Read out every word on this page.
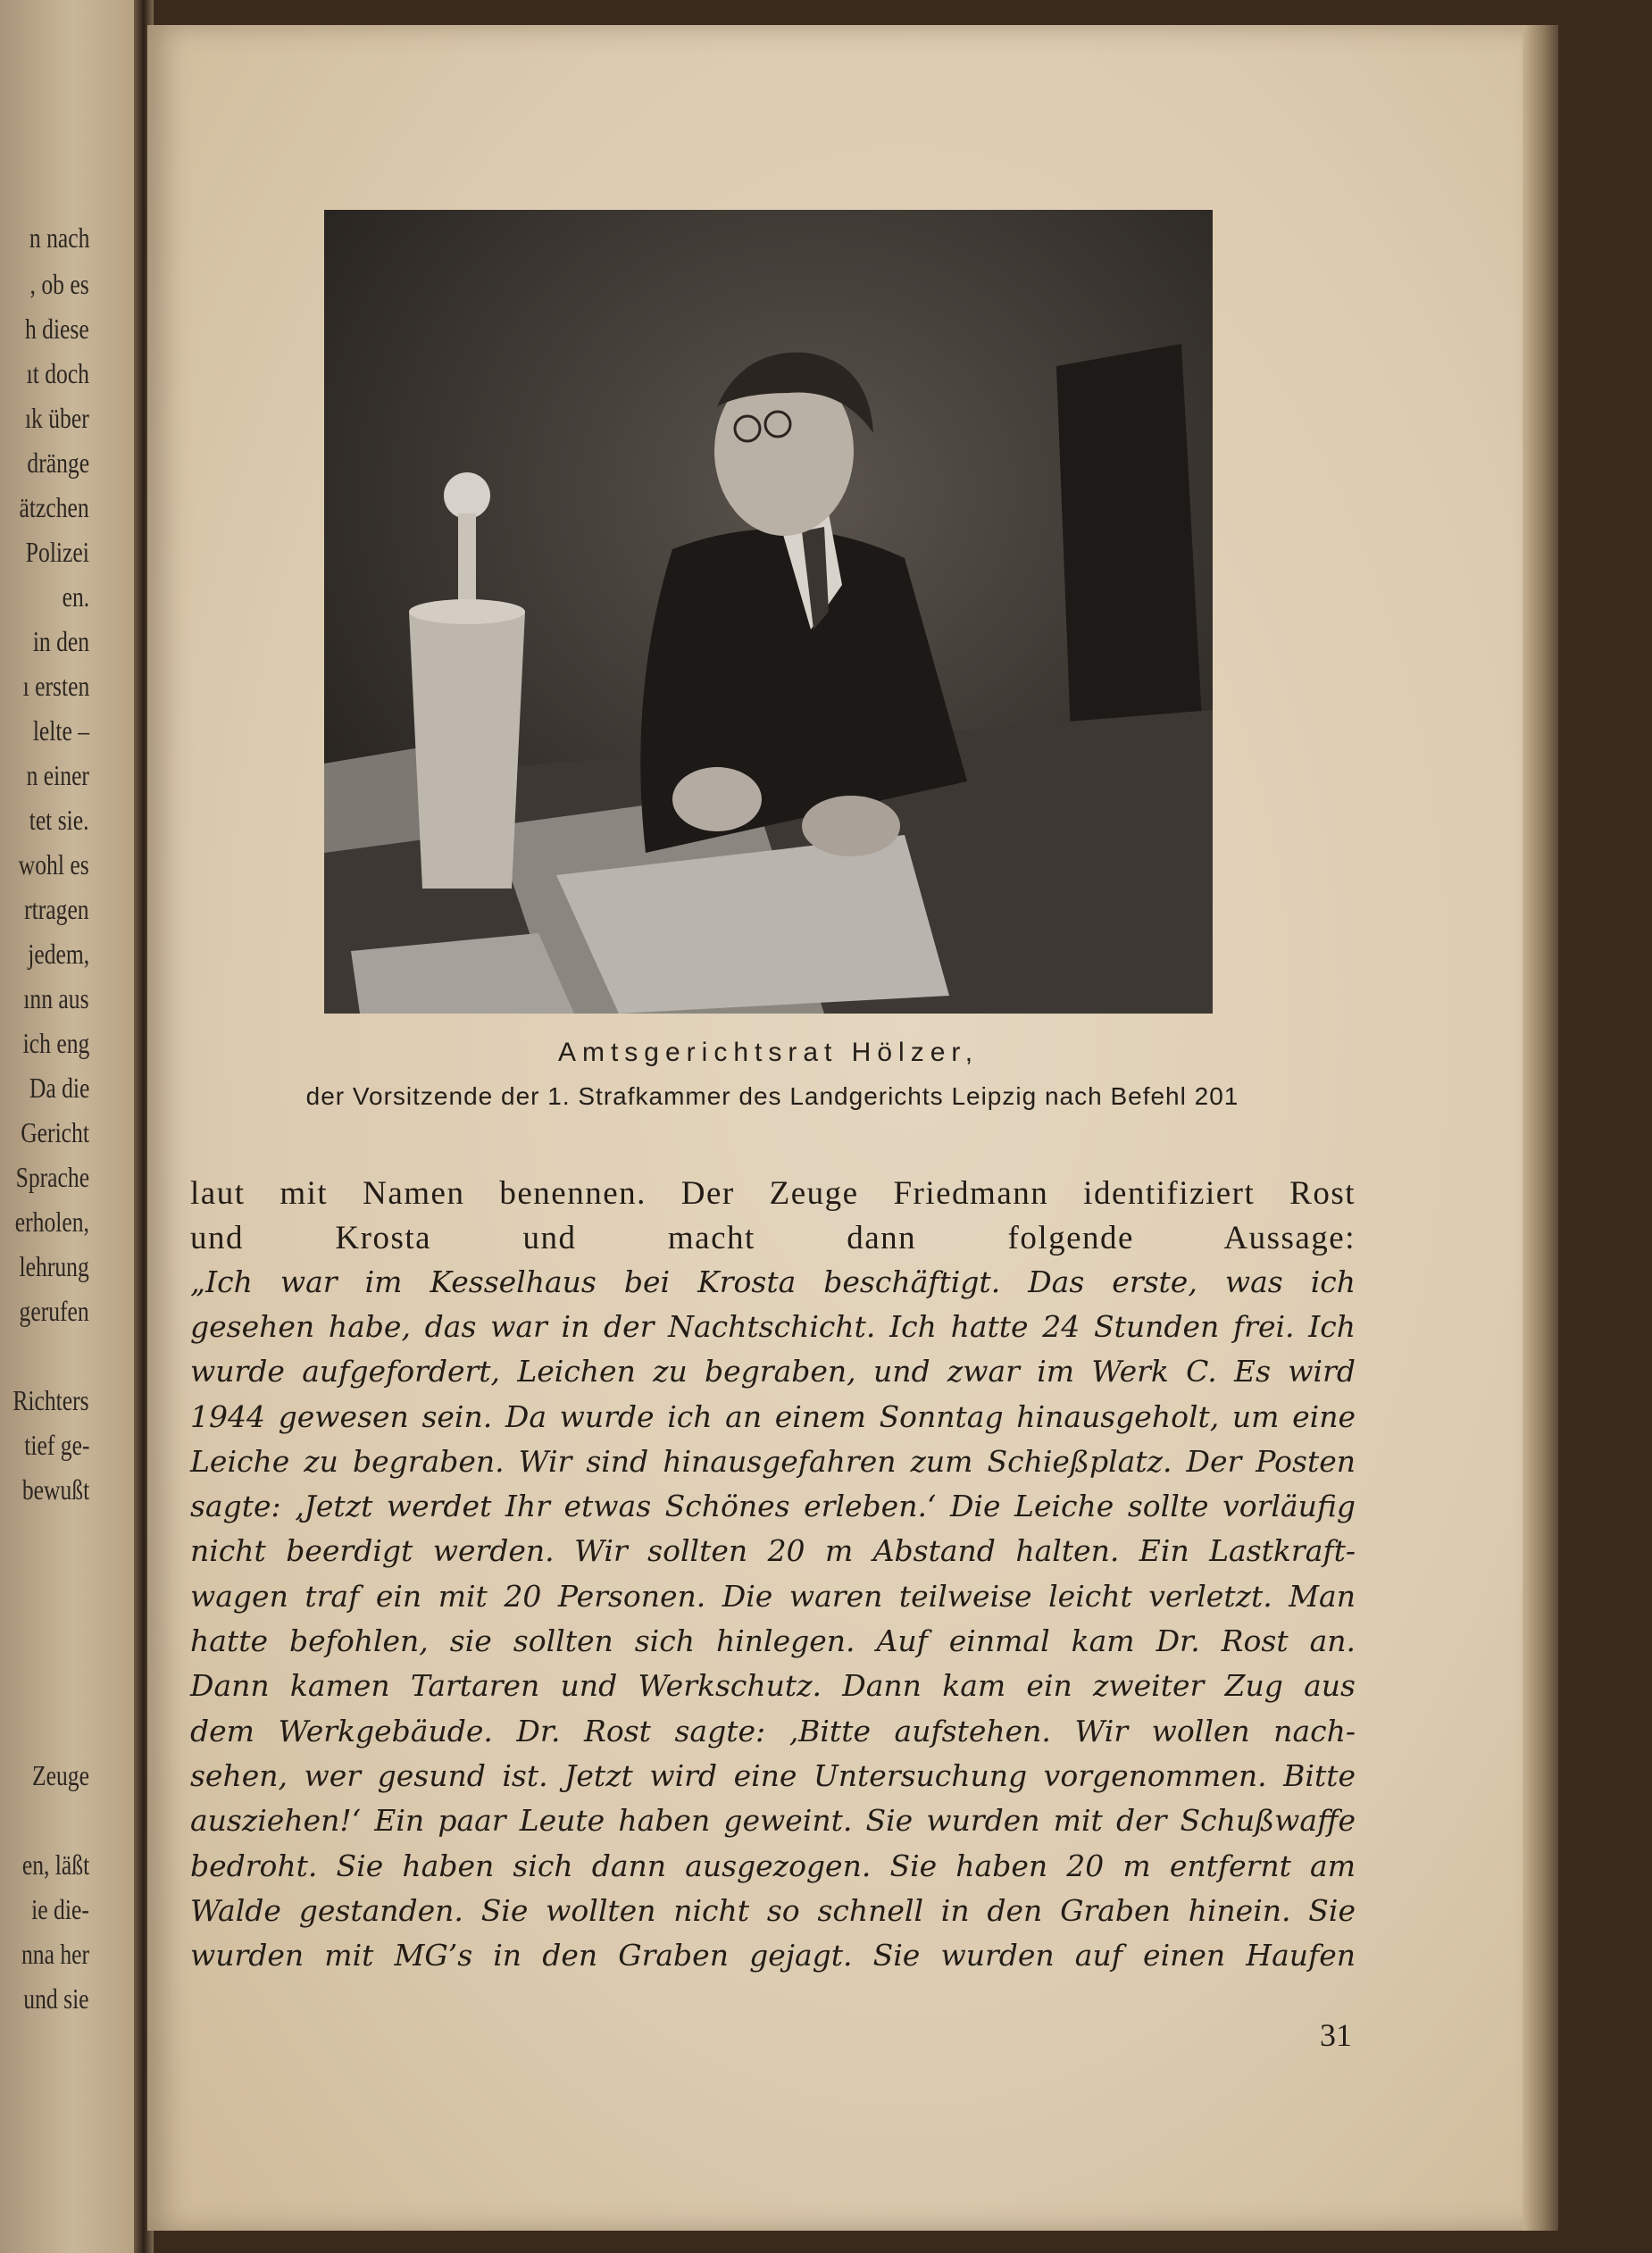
n nach
, ob es
h diese
ıt doch
ık über
dränge
ätzchen
Polizei
en.
in den
ı ersten
lelte –
n einer
tet sie.
wohl es
rtragen
jedem,
ınn aus
ich eng
Da die
Gericht
Sprache
erholen,
lehrung
gerufen
Richters
tief ge-
bewußt
Zeuge
en, läßt
ie die-
nna her
und sie
Amtsgerichtsrat Hölzer,
der Vorsitzende der 1. Strafkammer des Landgerichts Leipzig nach Befehl 201
laut mit Namen benennen. Der Zeuge Friedmann identifiziert Rost
und Krosta und macht dann folgende Aussage:
„Ich war im Kesselhaus bei Krosta beschäftigt. Das erste, was ich
gesehen habe, das war in der Nachtschicht. Ich hatte 24 Stunden frei. Ich
wurde aufgefordert, Leichen zu begraben, und zwar im Werk C. Es wird
1944 gewesen sein. Da wurde ich an einem Sonntag hinausgeholt, um eine
Leiche zu begraben. Wir sind hinausgefahren zum Schießplatz. Der Posten
sagte: ‚Jetzt werdet Ihr etwas Schönes erleben.‘ Die Leiche sollte vorläufig
nicht beerdigt werden. Wir sollten 20 m Abstand halten. Ein Lastkraft-
wagen traf ein mit 20 Personen. Die waren teilweise leicht verletzt. Man
hatte befohlen, sie sollten sich hinlegen. Auf einmal kam Dr. Rost an.
Dann kamen Tartaren und Werkschutz. Dann kam ein zweiter Zug aus
dem Werkgebäude. Dr. Rost sagte: ‚Bitte aufstehen. Wir wollen nach-
sehen, wer gesund ist. Jetzt wird eine Untersuchung vorgenommen. Bitte
ausziehen!‘ Ein paar Leute haben geweint. Sie wurden mit der Schußwaffe
bedroht. Sie haben sich dann ausgezogen. Sie haben 20 m entfernt am
Walde gestanden. Sie wollten nicht so schnell in den Graben hinein. Sie
wurden mit MG’s in den Graben gejagt. Sie wurden auf einen Haufen
31
